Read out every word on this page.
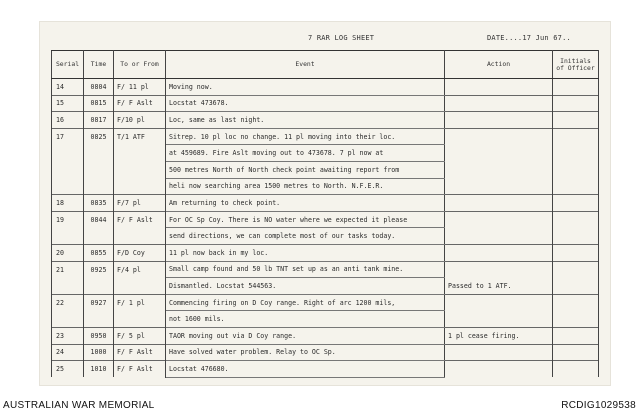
7 RAR LOG SHEET	DATE....17 Jun 67..
Serial	Time	To or From	Event	Action	Initials of Officer
14	0804	F/ 11 pl	Moving now.		
15	0815	F/ F Aslt	Locstat 473678.		
16	0817	F/10 pl	Loc, same as last night.		
17	0825	T/1 ATF	Sitrep. 10 pl loc no change. 11 pl moving into their loc.		
			at 459689. Fire Aslt moving out to 473678. 7 pl now at		
			500 metres North of North check point awaiting report from		
			heli now searching area 1500 metres to North. N.F.E.R.		
18	0835	F/7 pl	Am returning to check point.		
19	0844	F/ F Aslt	For OC Sp Coy. There is NO water where we expected it please		
			send directions, we can complete most of our tasks today.		
20	0855	F/D Coy	11 pl now back in my loc.		
21	0925	F/4 pl	Small camp found and 50 lb TNT set up as an anti tank mine.		
			Dismantled. Locstat 544563.	Passed to 1 ATF.	
22	0927	F/ 1 pl	Commencing firing on D Coy range. Right of arc 1200 mils,		
			not 1600 mils.		
23	0950	F/ 5 pl	TAOR moving out via D Coy range.	1 pl cease firing.	
24	1000	F/ F Aslt	Have solved water problem. Relay to OC Sp.		
25	1010	F/ F Aslt	Locstat 476680.		
AUSTRALIAN WAR MEMORIAL	RCDIG1029538
